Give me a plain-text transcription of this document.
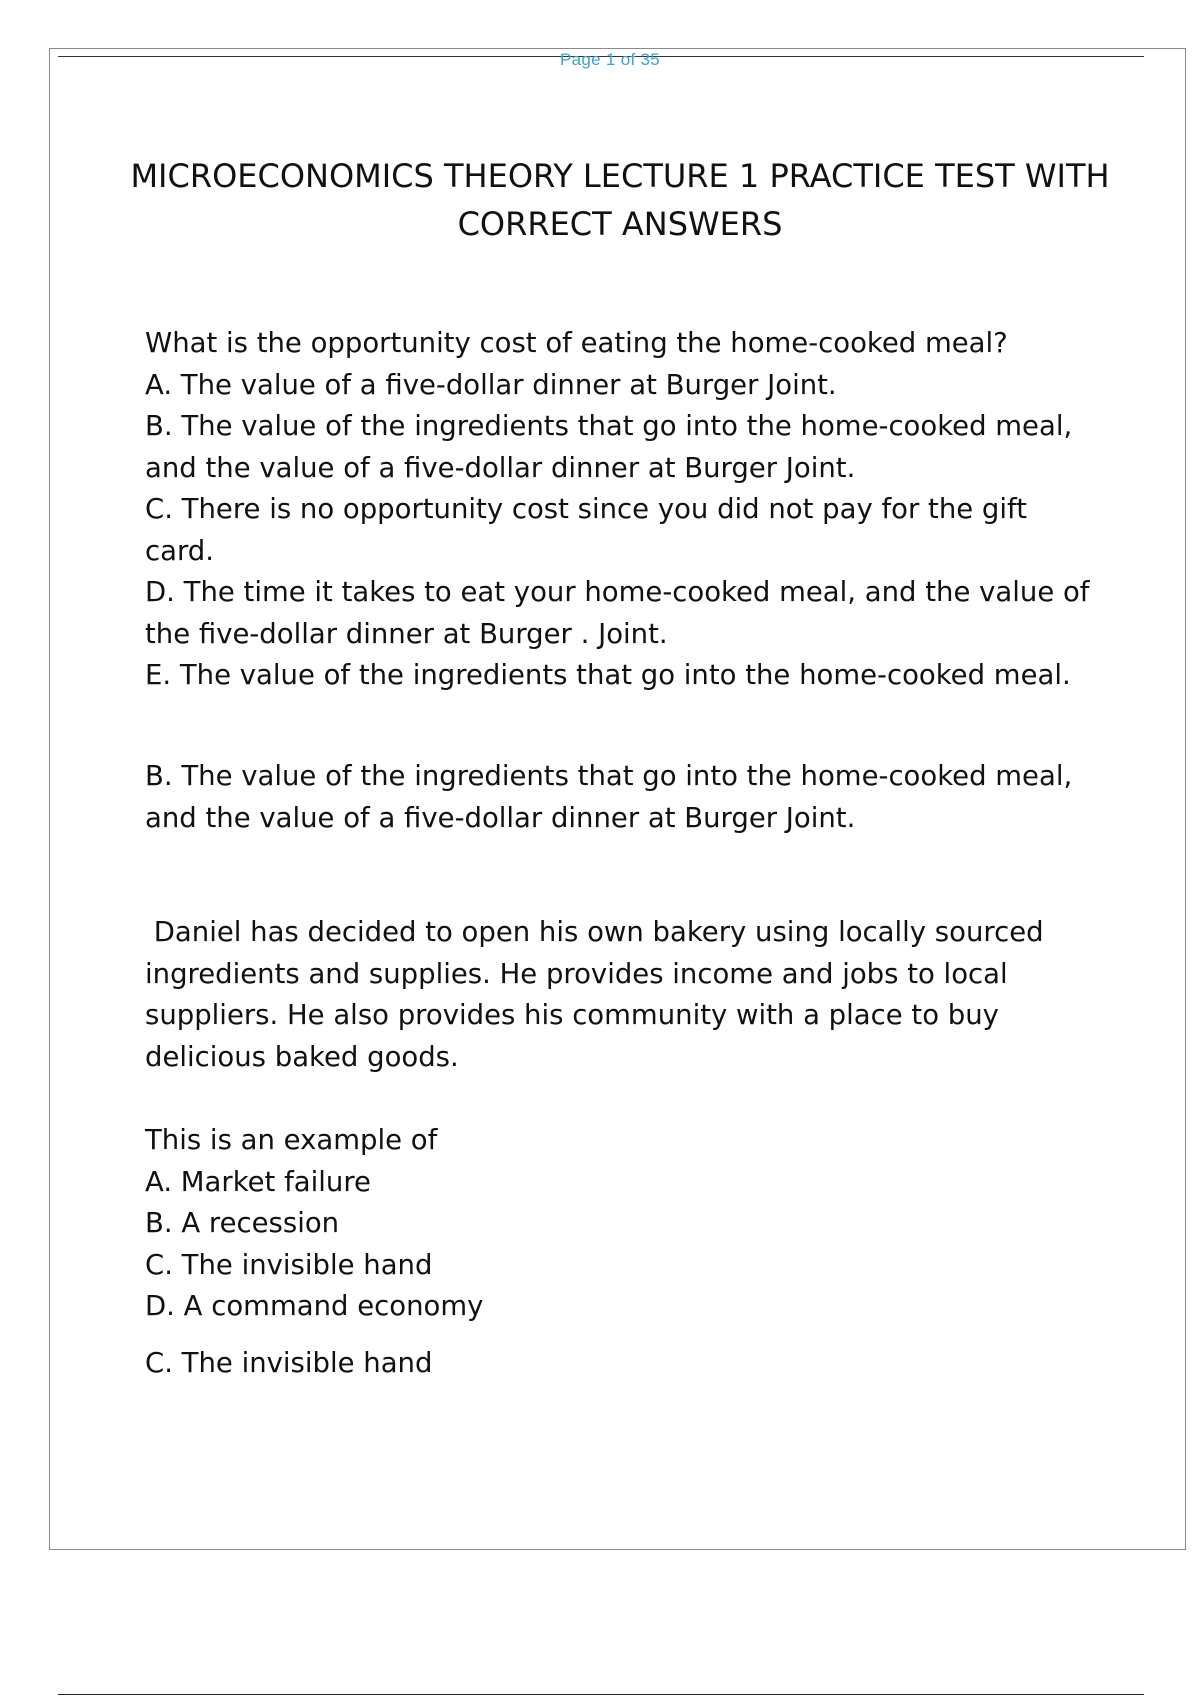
Page 1 of 35
MICROECONOMICS THEORY LECTURE 1 PRACTICE TEST WITH CORRECT ANSWERS

What is the opportunity cost of eating the home-cooked meal?

A. The value of a five-dollar dinner at Burger Joint.

B. The value of the ingredients that go into the home-cooked meal, and the value of a five-dollar dinner at Burger Joint.

C. There is no opportunity cost since you did not pay for the gift card.

D. The time it takes to eat your home-cooked meal, and the value of the five-dollar dinner at Burger . Joint.

E. The value of the ingredients that go into the home-cooked meal.

B. The value of the ingredients that go into the home-cooked meal, and the value of a five-dollar dinner at Burger Joint.

Daniel has decided to open his own bakery using locally sourced ingredients and supplies. He provides income and jobs to local suppliers. He also provides his community with a place to buy delicious baked goods.

This is an example of

A. Market failure

B. A recession

C. The invisible hand

D. A command economy

C. The invisible hand
